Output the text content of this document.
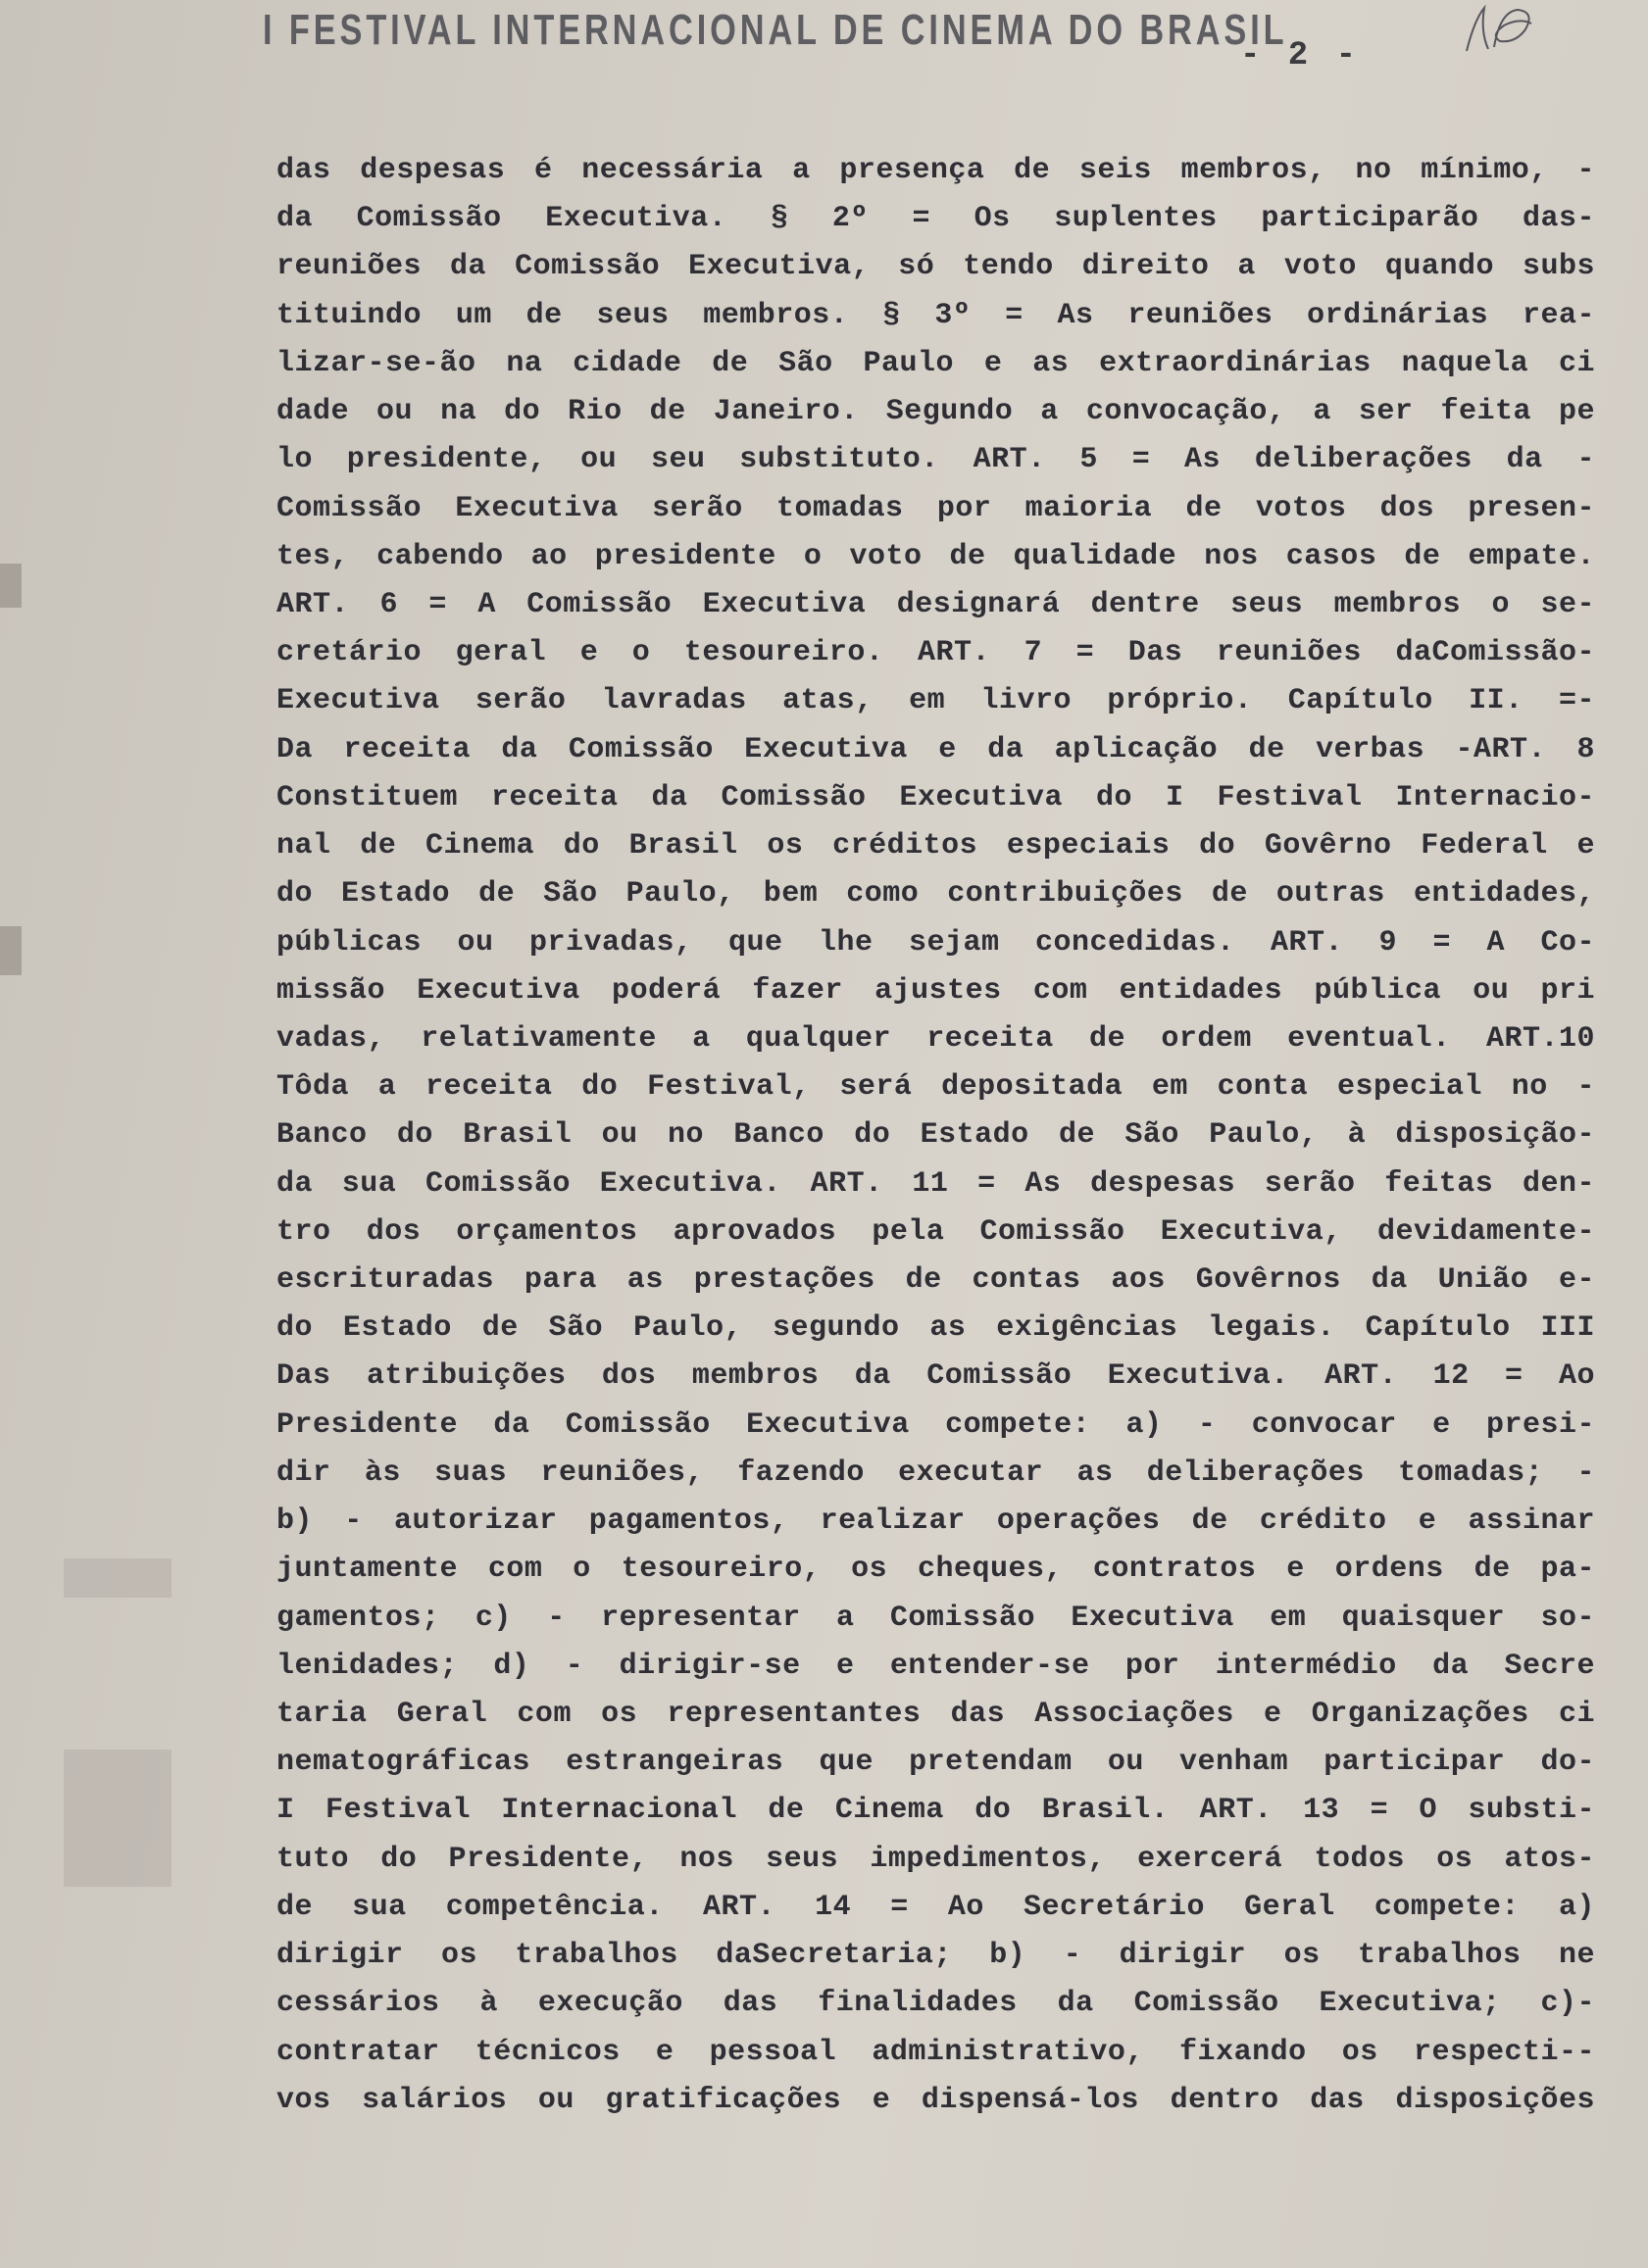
I FESTIVAL INTERNACIONAL DE CINEMA DO BRASIL
- 2 -

das despesas é necessária a presença de seis membros, no mínimo, -

da Comissão Executiva. § 2º = Os suplentes participarão das-

reuniões da Comissão Executiva, só tendo direito a voto quando subs

tituindo um de seus membros. § 3º = As reuniões ordinárias rea-

lizar-se-ão na cidade de São Paulo e as extraordinárias naquela ci

dade ou na do Rio de Janeiro. Segundo a convocação, a ser feita pe

lo presidente, ou seu substituto. ART. 5 = As deliberações da -

Comissão Executiva serão tomadas por maioria de votos dos presen-

tes, cabendo ao presidente o voto de qualidade nos casos de empate.

ART. 6 = A Comissão Executiva designará dentre seus membros o se-

cretário geral e o tesoureiro. ART. 7 = Das reuniões daComissão-

Executiva serão lavradas atas, em livro próprio. Capítulo II. =-

Da receita da Comissão Executiva e da aplicação de verbas -ART. 8

Constituem receita da Comissão Executiva do I Festival Internacio-

nal de Cinema do Brasil os créditos especiais do Govêrno Federal e

do Estado de São Paulo, bem como contribuições de outras entidades,

públicas ou privadas, que lhe sejam concedidas. ART. 9 = A Co-

missão Executiva poderá fazer ajustes com entidades pública ou pri

vadas, relativamente a qualquer receita de ordem eventual. ART.10

Tôda a receita do Festival, será depositada em conta especial no -

Banco do Brasil ou no Banco do Estado de São Paulo, à disposição-

da sua Comissão Executiva. ART. 11 = As despesas serão feitas den-

tro dos orçamentos aprovados pela Comissão Executiva, devidamente-

escrituradas para as prestações de contas aos Govêrnos da União e-

do Estado de São Paulo, segundo as exigências legais. Capítulo III

Das atribuições dos membros da Comissão Executiva. ART. 12 = Ao

Presidente da Comissão Executiva compete: a) - convocar e presi-

dir às suas reuniões, fazendo executar as deliberações tomadas; -

b) - autorizar pagamentos, realizar operações de crédito e assinar

juntamente com o tesoureiro, os cheques, contratos e ordens de pa-

gamentos; c) - representar a Comissão Executiva em quaisquer so-

lenidades; d) - dirigir-se e entender-se por intermédio da Secre

taria Geral com os representantes das Associações e Organizações ci

nematográficas estrangeiras que pretendam ou venham participar do-

I Festival Internacional de Cinema do Brasil. ART. 13 = O substi-

tuto do Presidente, nos seus impedimentos, exercerá todos os atos-

de sua competência. ART. 14 = Ao Secretário Geral compete: a)

dirigir os trabalhos daSecretaria; b) - dirigir os trabalhos ne

cessários à execução das finalidades da Comissão Executiva; c)-

contratar técnicos e pessoal administrativo, fixando os respecti--

vos salários ou gratificações e dispensá-los dentro das disposições
